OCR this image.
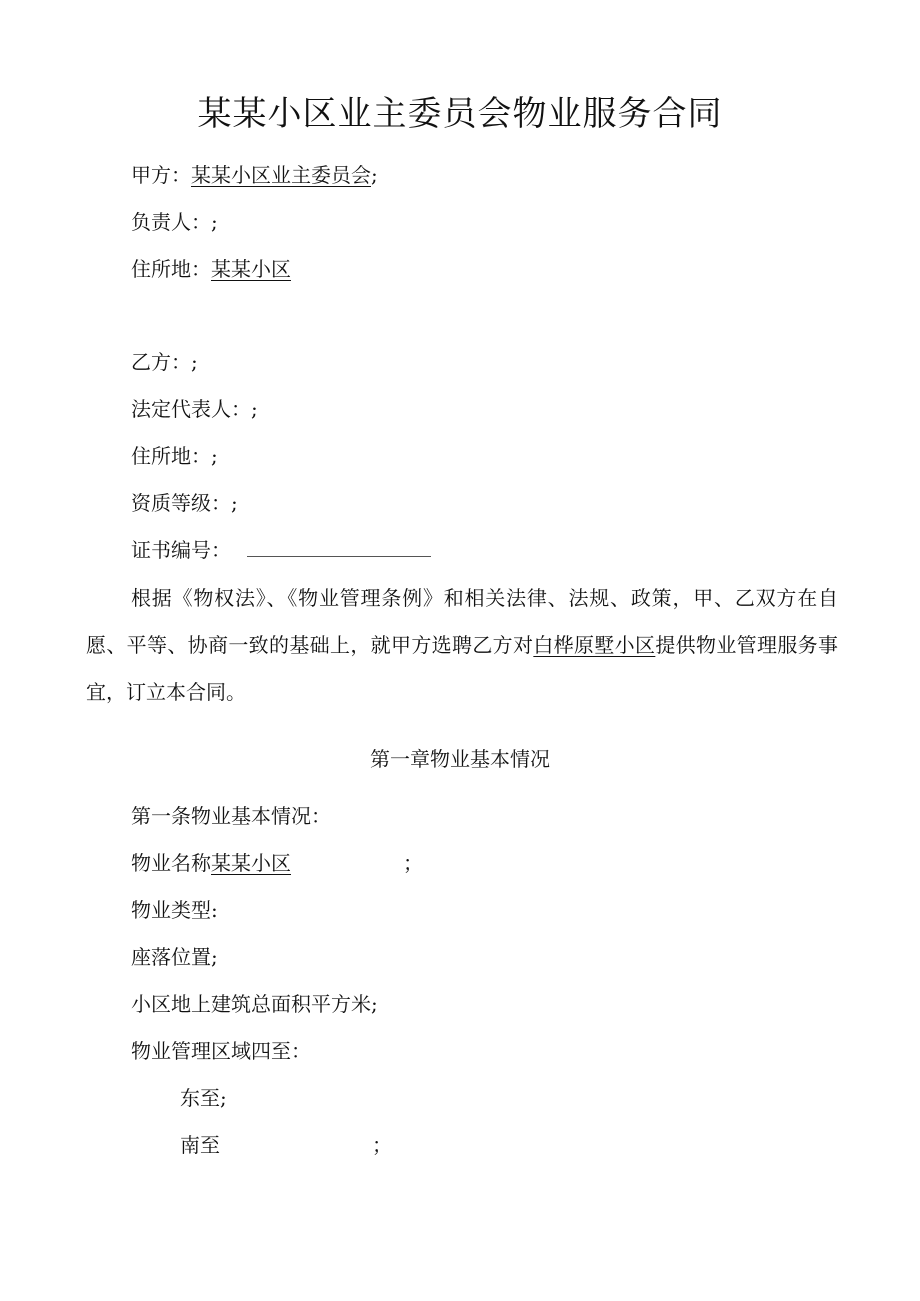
某某小区业主委员会物业服务合同
甲方：某某小区业主委员会;
负责人：;
住所地：某某小区
乙方：;
法定代表人：;
住所地：;
资质等级：;
证书编号：
根据《物权法》、《物业管理条例》和相关法律、法规、政策，甲、乙双方在自愿、平等、协商一致的基础上，就甲方选聘乙方对白桦原墅小区提供物业管理服务事宜，订立本合同。
第一章物业基本情况
第一条物业基本情况：
物业名称某某小区	；
物业类型:
座落位置;
小区地上建筑总面积平方米;
物业管理区域四至：
东至;
南至	；
